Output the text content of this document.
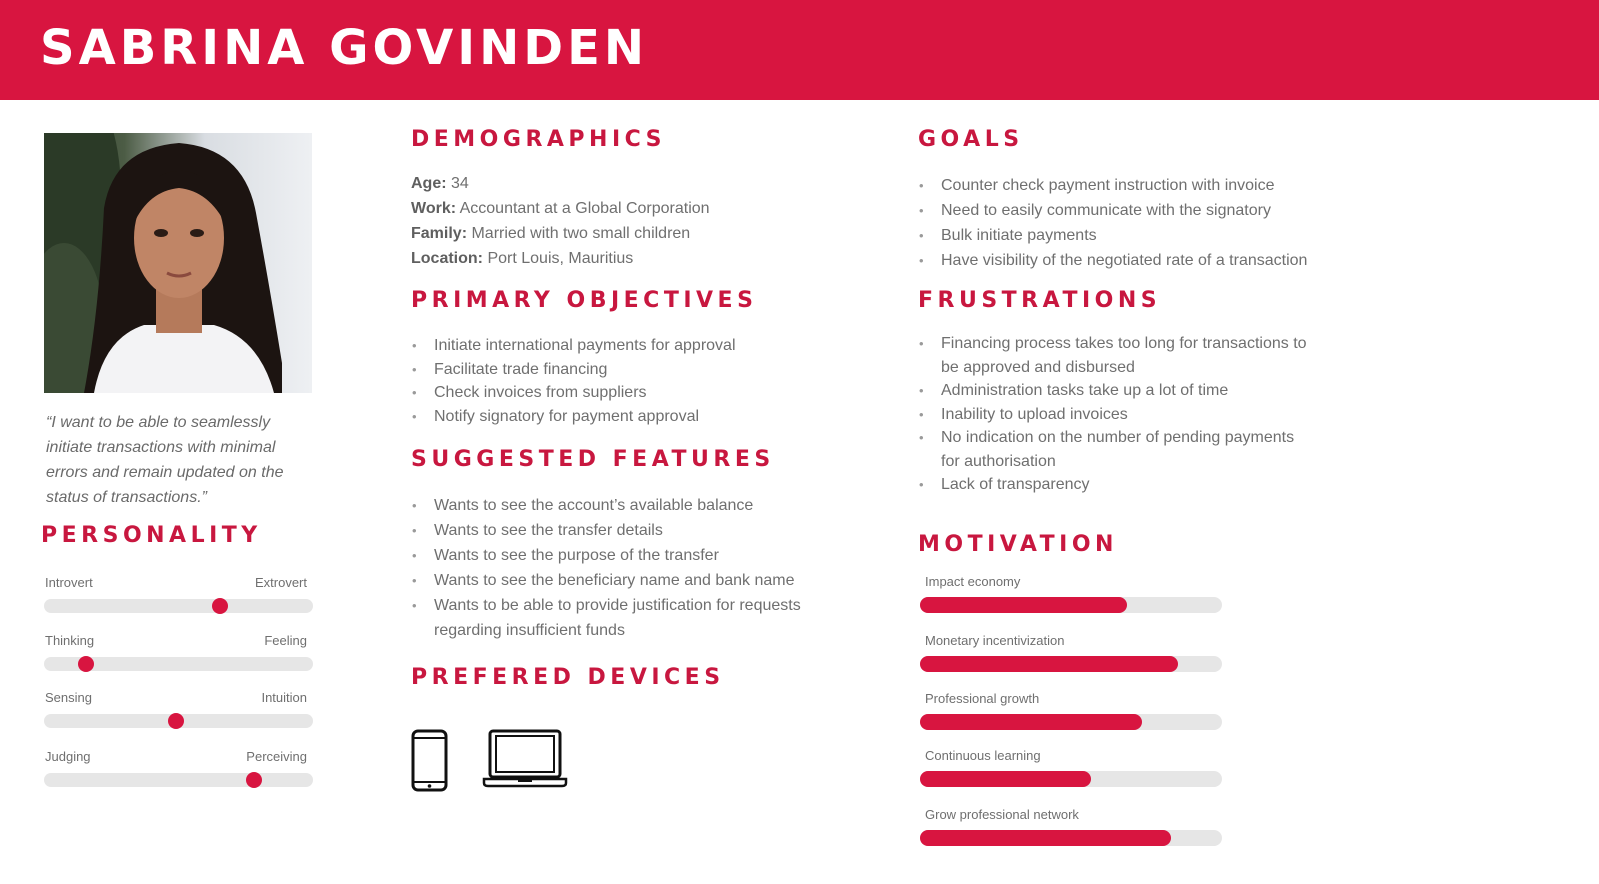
SABRINA GOVINDEN

“I want to be able to seamlessly initiate transactions with minimal errors and remain updated on the status of transactions.”

PERSONALITY
Introvert	Extrovert
Thinking	Feeling
Sensing	Intuition
Judging	Perceiving
DEMOGRAPHICS
Age: 34
Work: Accountant at a Global Corporation
Family: Married with two small children
Location: Port Louis, Mauritius
PRIMARY OBJECTIVES
• Initiate international payments for approval
• Facilitate trade financing
• Check invoices from suppliers
• Notify signatory for payment approval
SUGGESTED FEATURES
• Wants to see the account’s available balance
• Wants to see the transfer details
• Wants to see the purpose of the transfer
• Wants to see the beneficiary name and bank name
• Wants to be able to provide justification for requests regarding insufficient funds
PREFERED DEVICES
GOALS
• Counter check payment instruction with invoice
• Need to easily communicate with the signatory
• Bulk initiate payments
• Have visibility of the negotiated rate of a transaction
FRUSTRATIONS
• Financing process takes too long for transactions to be approved and disbursed
• Administration tasks take up a lot of time
• Inability to upload invoices
• No indication on the number of pending payments for authorisation
• Lack of transparency
MOTIVATION
Impact economy
Monetary incentivization
Professional growth
Continuous learning
Grow professional network
